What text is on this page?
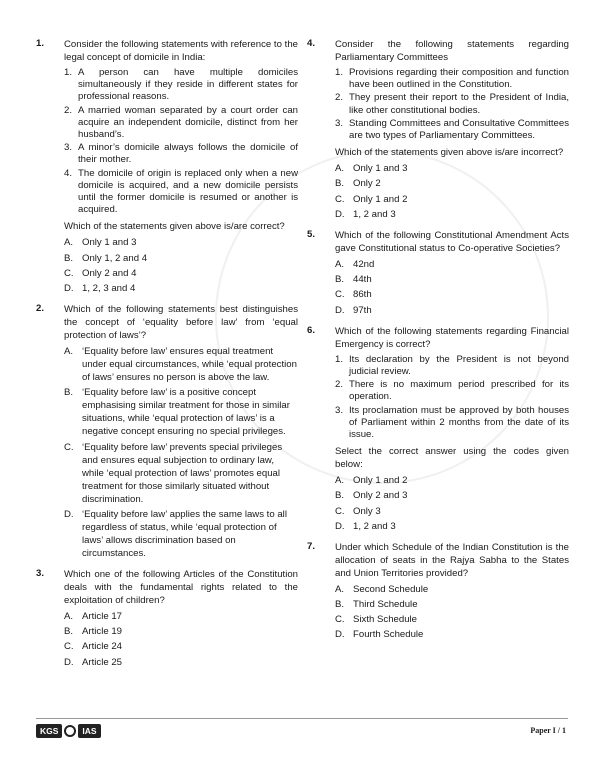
1.	Consider the following statements with reference to the legal concept of domicile in India:
1. A person can have multiple domiciles simultaneously if they reside in different states for professional reasons.
2. A married woman separated by a court order can acquire an independent domicile, distinct from her husband’s.
3. A minor’s domicile always follows the domicile of their mother.
4. The domicile of origin is replaced only when a new domicile is acquired, and a new domicile persists until the former domicile is resumed or another is acquired.
Which of the statements given above is/are correct?
A. Only 1 and 3
B. Only 1, 2 and 4
C. Only 2 and 4
D. 1, 2, 3 and 4
2.	Which of the following statements best distinguishes the concept of ‘equality before law’ from ‘equal protection of laws’?
A. ‘Equality before law’ ensures equal treatment under equal circumstances, while ‘equal protection of laws’ ensures no person is above the law.
B. ‘Equality before law’ is a positive concept emphasising similar treatment for those in similar situations, while ‘equal protection of laws’ is a negative concept ensuring no special privileges.
C. ‘Equality before law’ prevents special privileges and ensures equal subjection to ordinary law, while ‘equal protection of laws’ promotes equal treatment for those similarly situated without discrimination.
D. ‘Equality before law’ applies the same laws to all regardless of status, while ‘equal protection of laws’ allows discrimination based on circumstances.
3.	Which one of the following Articles of the Constitution deals with the fundamental rights related to the exploitation of children?
A. Article 17
B. Article 19
C. Article 24
D. Article 25
4.	Consider the following statements regarding Parliamentary Committees
1. Provisions regarding their composition and function have been outlined in the Constitution.
2. They present their report to the President of India, like other constitutional bodies.
3. Standing Committees and Consultative Committees are two types of Parliamentary Committees.
Which of the statements given above is/are incorrect?
A. Only 1 and 3
B. Only 2
C. Only 1 and 2
D. 1, 2 and 3
5.	Which of the following Constitutional Amendment Acts gave Constitutional status to Co-operative Societies?
A. 42nd
B. 44th
C. 86th
D. 97th
6.	Which of the following statements regarding Financial Emergency is correct?
1. Its declaration by the President is not beyond judicial review.
2. There is no maximum period prescribed for its operation.
3. Its proclamation must be approved by both houses of Parliament within 2 months from the date of its issue.
Select the correct answer using the codes given below:
A. Only 1 and 2
B. Only 2 and 3
C. Only 3
D. 1, 2 and 3
7.	Under which Schedule of the Indian Constitution is the allocation of seats in the Rajya Sabha to the States and Union Territories provided?
A. Second Schedule
B. Third Schedule
C. Sixth Schedule
D. Fourth Schedule
KGS	IAS	Paper I / 1
